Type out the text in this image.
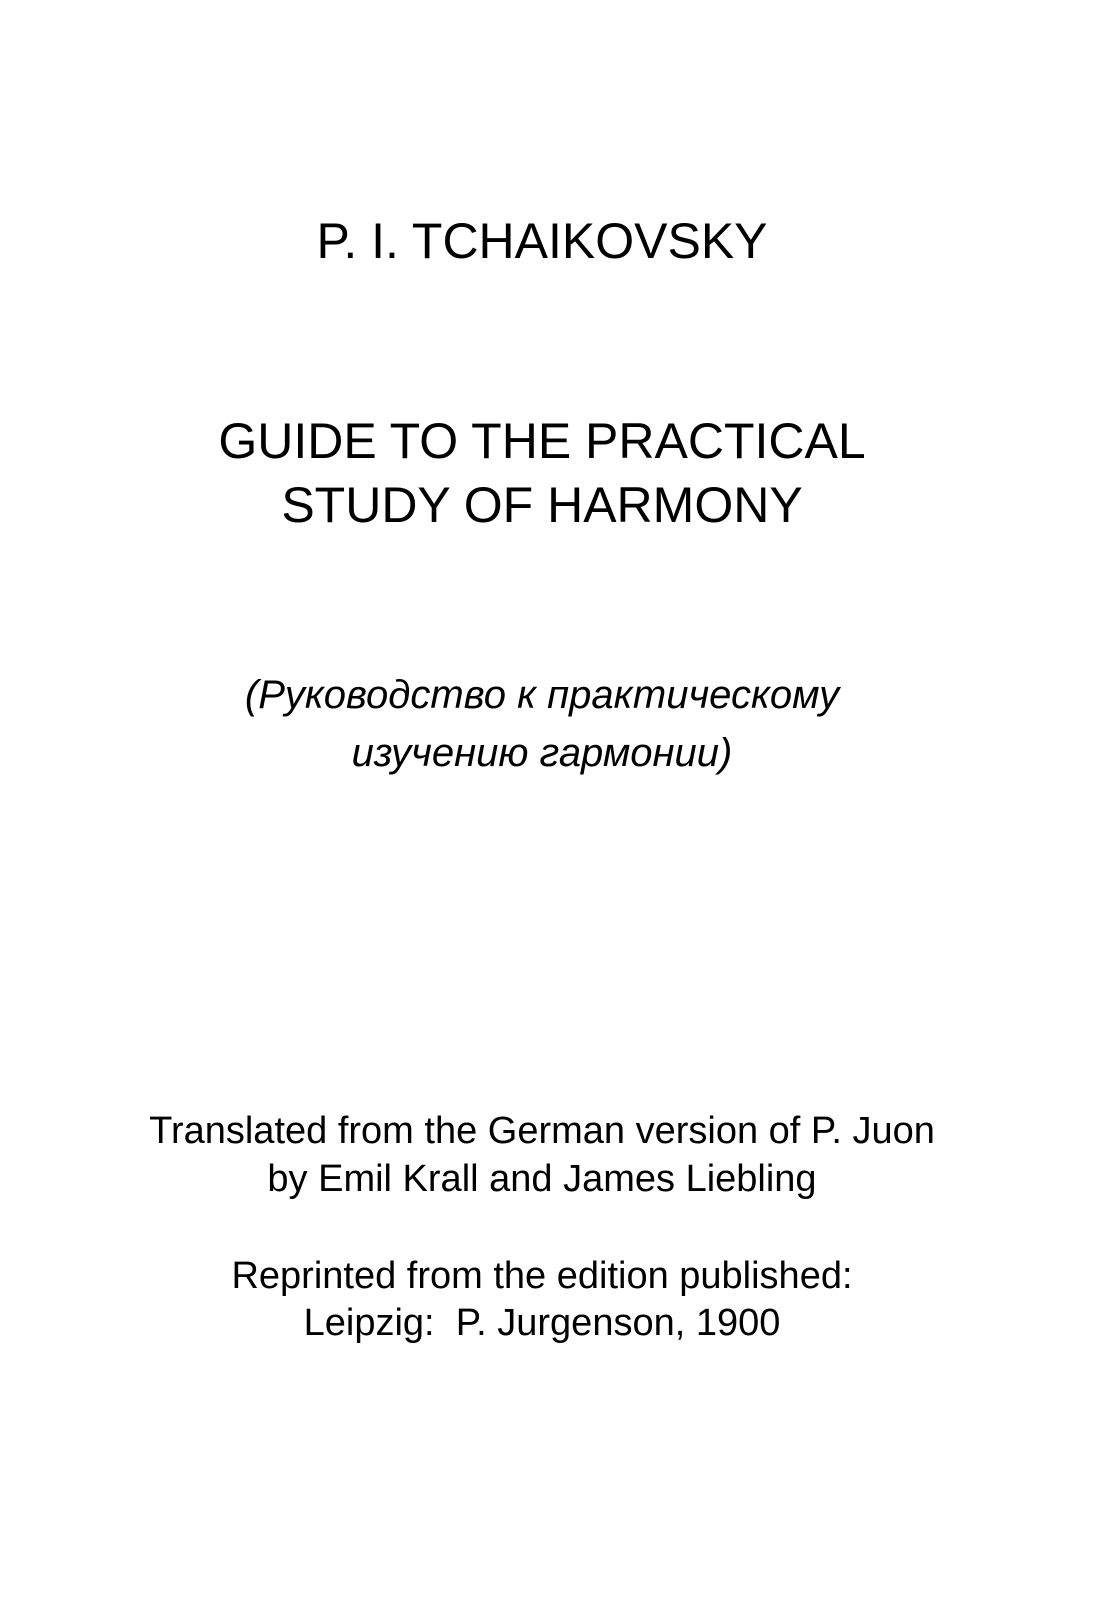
P. I. TCHAIKOVSKY
GUIDE TO THE PRACTICAL
STUDY OF HARMONY
(Руководство к практическому
изучению гармонии)
Translated from the German version of P. Juon
by Emil Krall and James Liebling
Reprinted from the edition published:
Leipzig:  P. Jurgenson, 1900
